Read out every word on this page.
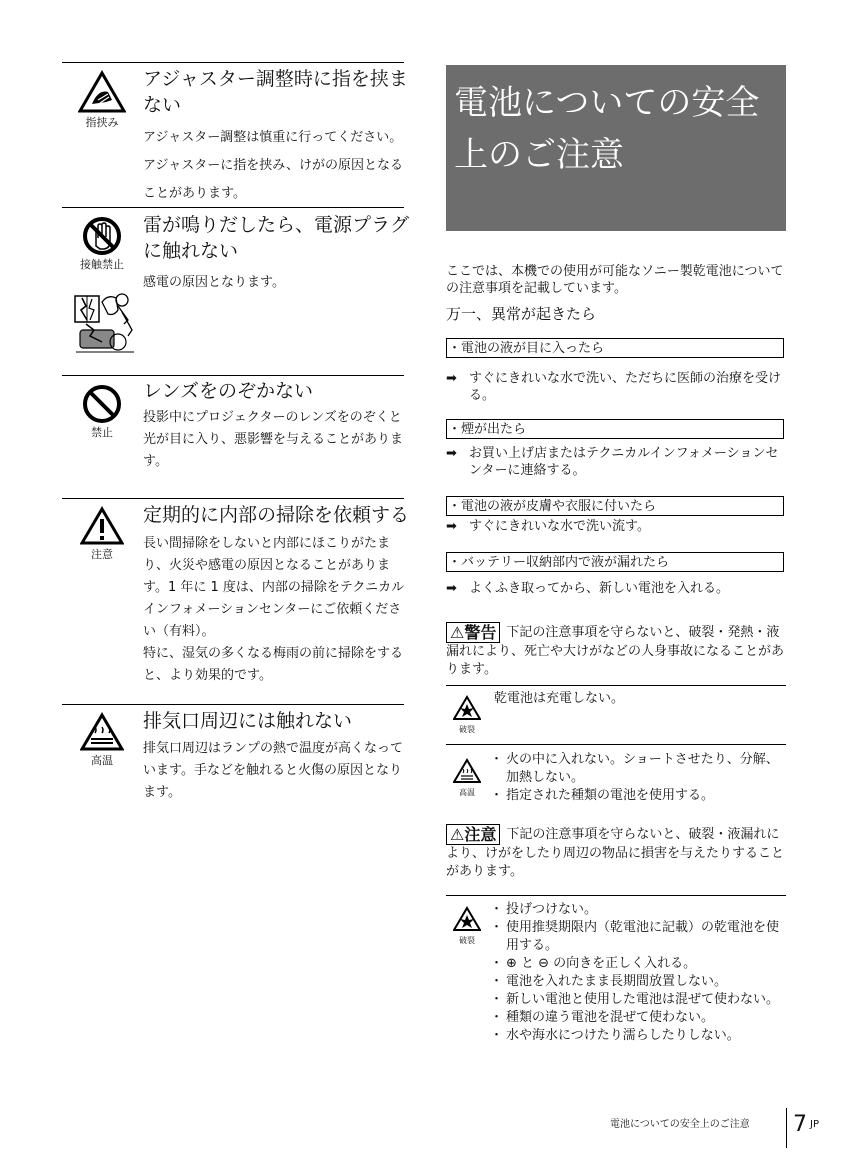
指挟み
アジャスター調整時に指を挟まない

アジャスター調整は慎重に行ってください。アジャスターに指を挟み、けがの原因となることがあります。

接触禁止
雷が鳴りだしたら、電源プラグに触れない

感電の原因となります。

禁止
レンズをのぞかない

投影中にプロジェクターのレンズをのぞくと光が目に入り、悪影響を与えることがあります。

注意
定期的に内部の掃除を依頼する

長い間掃除をしないと内部にほこりがたまり、火災や感電の原因となることがあります。1 年に 1 度は、内部の掃除をテクニカルインフォメーションセンターにご依頼ください（有料）。

特に、湿気の多くなる梅雨の前に掃除をすると、より効果的です。

高温
排気口周辺には触れない

排気口周辺はランプの熱で温度が高くなっています。手などを触れると火傷の原因となります。

電池についての安全上のご注意

ここでは、本機での使用が可能なソニー製乾電池についての注意事項を記載しています。

万一、異常が起きたら

・電池の液が目に入ったら
➡ すぐにきれいな水で洗い、ただちに医師の治療を受ける。
・煙が出たら
➡ お買い上げ店またはテクニカルインフォメーションセンターに連絡する。
・電池の液が皮膚や衣服に付いたら
➡ すぐにきれいな水で洗い流す。
・バッテリー収納部内で液が漏れたら
➡ よくふき取ってから、新しい電池を入れる。
⚠警告 下記の注意事項を守らないと、破裂・発熱・液漏れにより、死亡や大けがなどの人身事故になることがあります。
破裂
乾電池は充電しない。
高温
・ 火の中に入れない。ショートさせたり、分解、加熱しない。
・ 指定された種類の電池を使用する。
⚠注意 下記の注意事項を守らないと、破裂・液漏れにより、けがをしたり周辺の物品に損害を与えたりすることがあります。
破裂
・ 投げつけない。
・ 使用推奨期限内（乾電池に記載）の乾電池を使用する。
・ ⊕ と ⊖ の向きを正しく入れる。
・ 電池を入れたまま長期間放置しない。
・ 新しい電池と使用した電池は混ぜて使わない。
・ 種類の違う電池を混ぜて使わない。
・ 水や海水につけたり濡らしたりしない。
電池についての安全上のご注意 7 JP
